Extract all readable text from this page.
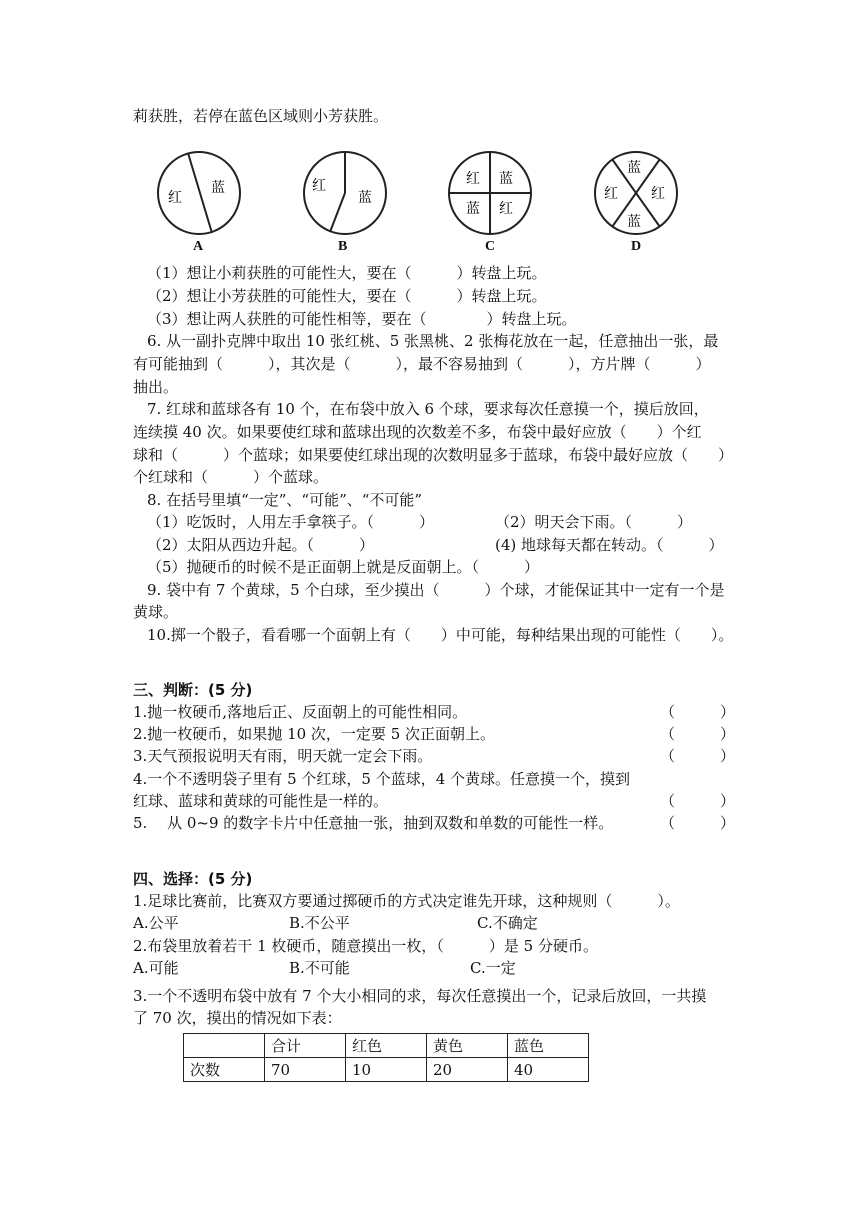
莉获胜，若停在蓝色区域则小芳获胜。
红
蓝
A
红
蓝
B
红 蓝
蓝 红
C
蓝
红 红
蓝
D
（1）想让小莉获胜的可能性大，要在（　　　）转盘上玩。
（2）想让小芳获胜的可能性大，要在（　　　）转盘上玩。
（3）想让两人获胜的可能性相等，要在（　　　　）转盘上玩。
6. 从一副扑克牌中取出 10 张红桃、5 张黑桃、2 张梅花放在一起，任意抽出一张，最
有可能抽到（　　　），其次是（　　　），最不容易抽到（　　　），方片牌（　　　）
抽出。
7. 红球和蓝球各有 10 个，在布袋中放入 6 个球，要求每次任意摸一个，摸后放回，
连续摸 40 次。如果要使红球和蓝球出现的次数差不多，布袋中最好应放（　　）个红
球和（　　　）个蓝球；如果要使红球出现的次数明显多于蓝球，布袋中最好应放（　　）
个红球和（　　　）个蓝球。
8. 在括号里填“一定”、“可能”、“不可能”
（1）吃饭时，人用左手拿筷子。（　　　）	（2）明天会下雨。（　　　）
（2）太阳从西边升起。（　　　）	(4) 地球每天都在转动。（　　　）
（5）抛硬币的时候不是正面朝上就是反面朝上。（　　　）
9. 袋中有 7 个黄球，5 个白球，至少摸出（　　　）个球，才能保证其中一定有一个是
黄球。
10.掷一个骰子，看看哪一个面朝上有（　　）中可能，每种结果出现的可能性（　　）。
三、判断：(5 分)
1.抛一枚硬币,落地后正、反面朝上的可能性相同。	（　　　）
2.抛一枚硬币，如果抛 10 次，一定要 5 次正面朝上。	（　　　）
3.天气预报说明天有雨，明天就一定会下雨。	（　　　）
4.一个不透明袋子里有 5 个红球，5 个蓝球，4 个黄球。任意摸一个，摸到
红球、蓝球和黄球的可能性是一样的。	（　　　）
5.　 从 0~9 的数字卡片中任意抽一张，抽到双数和单数的可能性一样。	（　　　）
四、选择：(5 分)
1.足球比赛前，比赛双方要通过掷硬币的方式决定谁先开球，这种规则（　　　）。
A.公平	B.不公平	C.不确定
2.布袋里放着若干 1 枚硬币，随意摸出一枚，（　　　）是 5 分硬币。
A.可能	B.不可能	C.一定
3.一个不透明布袋中放有 7 个大小相同的求，每次任意摸出一个，记录后放回，一共摸
了 70 次，摸出的情况如下表：
	合计	红色	黄色	蓝色
次数	70	10	20	40
